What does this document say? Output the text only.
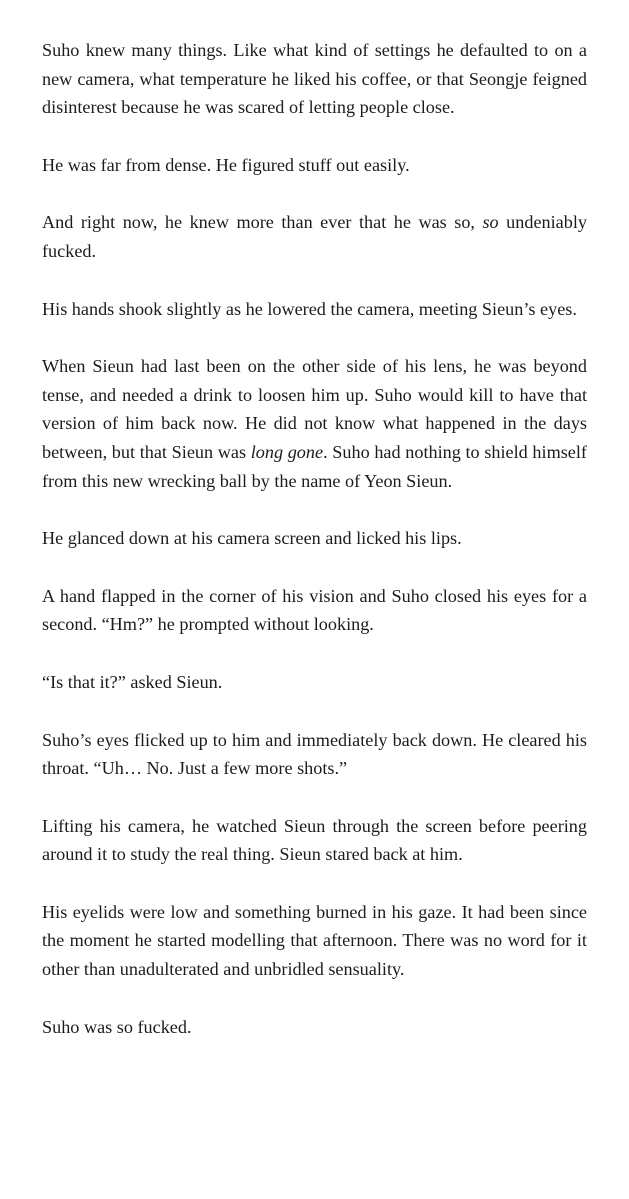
Suho knew many things. Like what kind of settings he defaulted to on a new camera, what temperature he liked his coffee, or that Seongje feigned disinterest because he was scared of letting people close.

He was far from dense. He figured stuff out easily.

And right now, he knew more than ever that he was so, so undeniably fucked.

His hands shook slightly as he lowered the camera, meeting Sieun’s eyes.

When Sieun had last been on the other side of his lens, he was beyond tense, and needed a drink to loosen him up. Suho would kill to have that version of him back now. He did not know what happened in the days between, but that Sieun was long gone. Suho had nothing to shield himself from this new wrecking ball by the name of Yeon Sieun.

He glanced down at his camera screen and licked his lips.

A hand flapped in the corner of his vision and Suho closed his eyes for a second. “Hm?” he prompted without looking.

“Is that it?” asked Sieun.

Suho’s eyes flicked up to him and immediately back down. He cleared his throat. “Uh… No. Just a few more shots.”

Lifting his camera, he watched Sieun through the screen before peering around it to study the real thing. Sieun stared back at him.

His eyelids were low and something burned in his gaze. It had been since the moment he started modelling that afternoon. There was no word for it other than unadulterated and unbridled sensuality.

Suho was so fucked.
